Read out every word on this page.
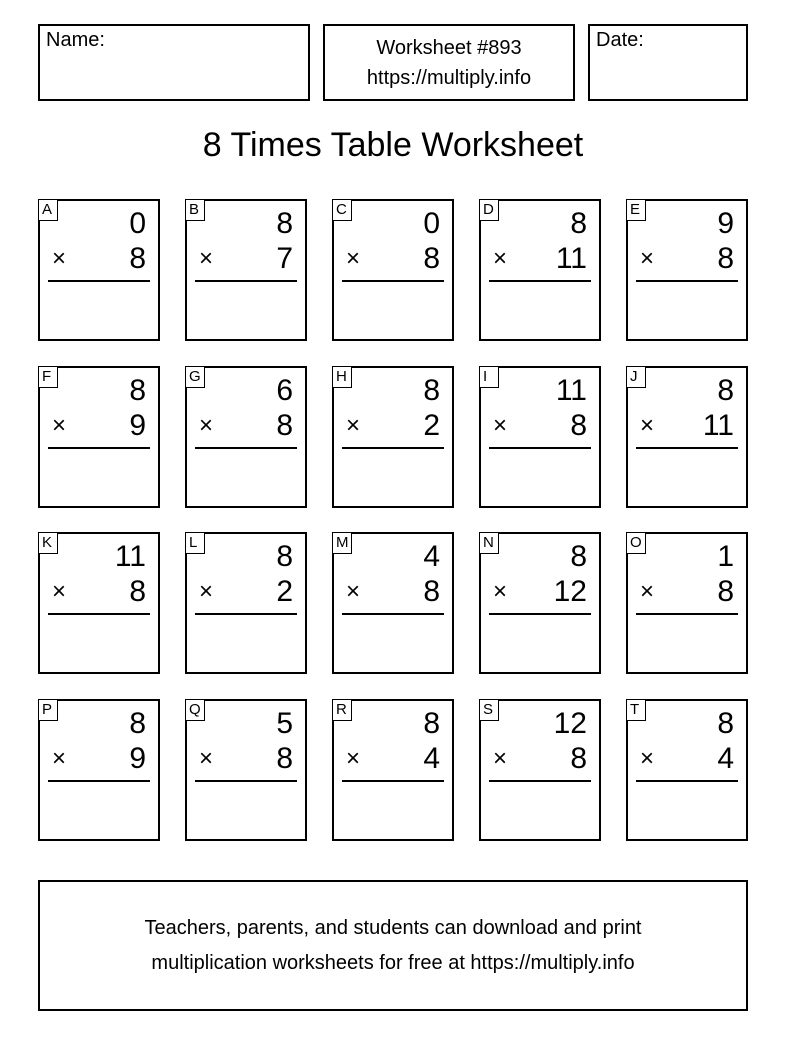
Name:	Worksheet #893
https://multiply.info
Date:
8 Times Table Worksheet
A	0
× 8
B	8
× 7
C	0
× 8
D	8
× 11
E	9
× 8
F	8
× 9
G	6
× 8
H	8
× 2
I	11
× 8
J	8
× 11
K 11
× 8
L	8
× 2
M 4
× 8
N	8
× 12
O	1
× 8
P	8
× 9
Q	5
× 8
R	8
× 4
S 12
× 8
T	8
× 4
Teachers, parents, and students can download and print
multiplication worksheets for free at https://multiply.info
